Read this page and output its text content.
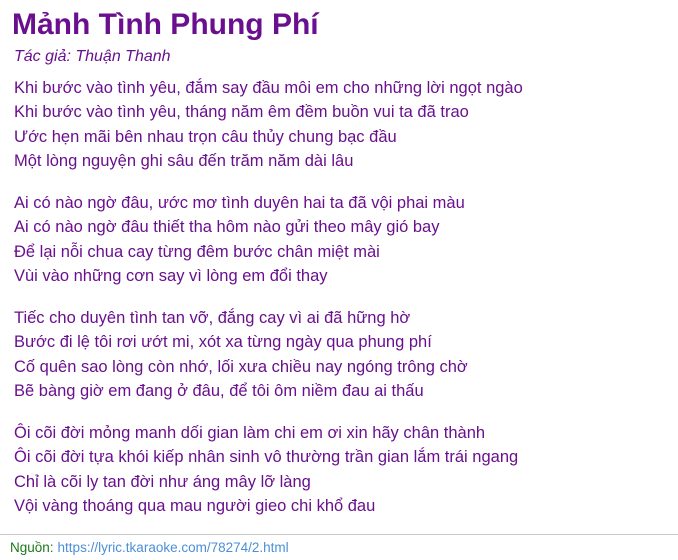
Mảnh Tình Phung Phí
Tác giả: Thuận Thanh
Khi bước vào tình yêu, đắm say đầu môi em cho những lời ngọt ngào
Khi bước vào tình yêu, tháng năm êm đềm buồn vui ta đã trao
Ước hẹn mãi bên nhau trọn câu thủy chung bạc đầu
Một lòng nguyện ghi sâu đến trăm năm dài lâu
Ai có nào ngờ đâu, ước mơ tình duyên hai ta đã vội phai màu
Ai có nào ngờ đâu thiết tha hôm nào gửi theo mây gió bay
Để lại nỗi chua cay từng đêm bước chân miệt mài
Vùi vào những cơn say vì lòng em đổi thay
Tiếc cho duyên tình tan vỡ, đắng cay vì ai đã hững hờ
Bước đi lệ tôi rơi ướt mi, xót xa từng ngày qua phung phí
Cố quên sao lòng còn nhớ, lối xưa chiều nay ngóng trông chờ
Bẽ bàng giờ em đang ở đâu, để tôi ôm niềm đau ai thấu
Ôi cõi đời mỏng manh dối gian làm chi em ơi xin hãy chân thành
Ôi cõi đời tựa khói kiếp nhân sinh vô thường trần gian lắm trái ngang
Chỉ là cõi ly tan đời như áng mây lỡ làng
Vội vàng thoáng qua mau người gieo chi khổ đau
Nguồn: https://lyric.tkaraoke.com/78274/2.html
